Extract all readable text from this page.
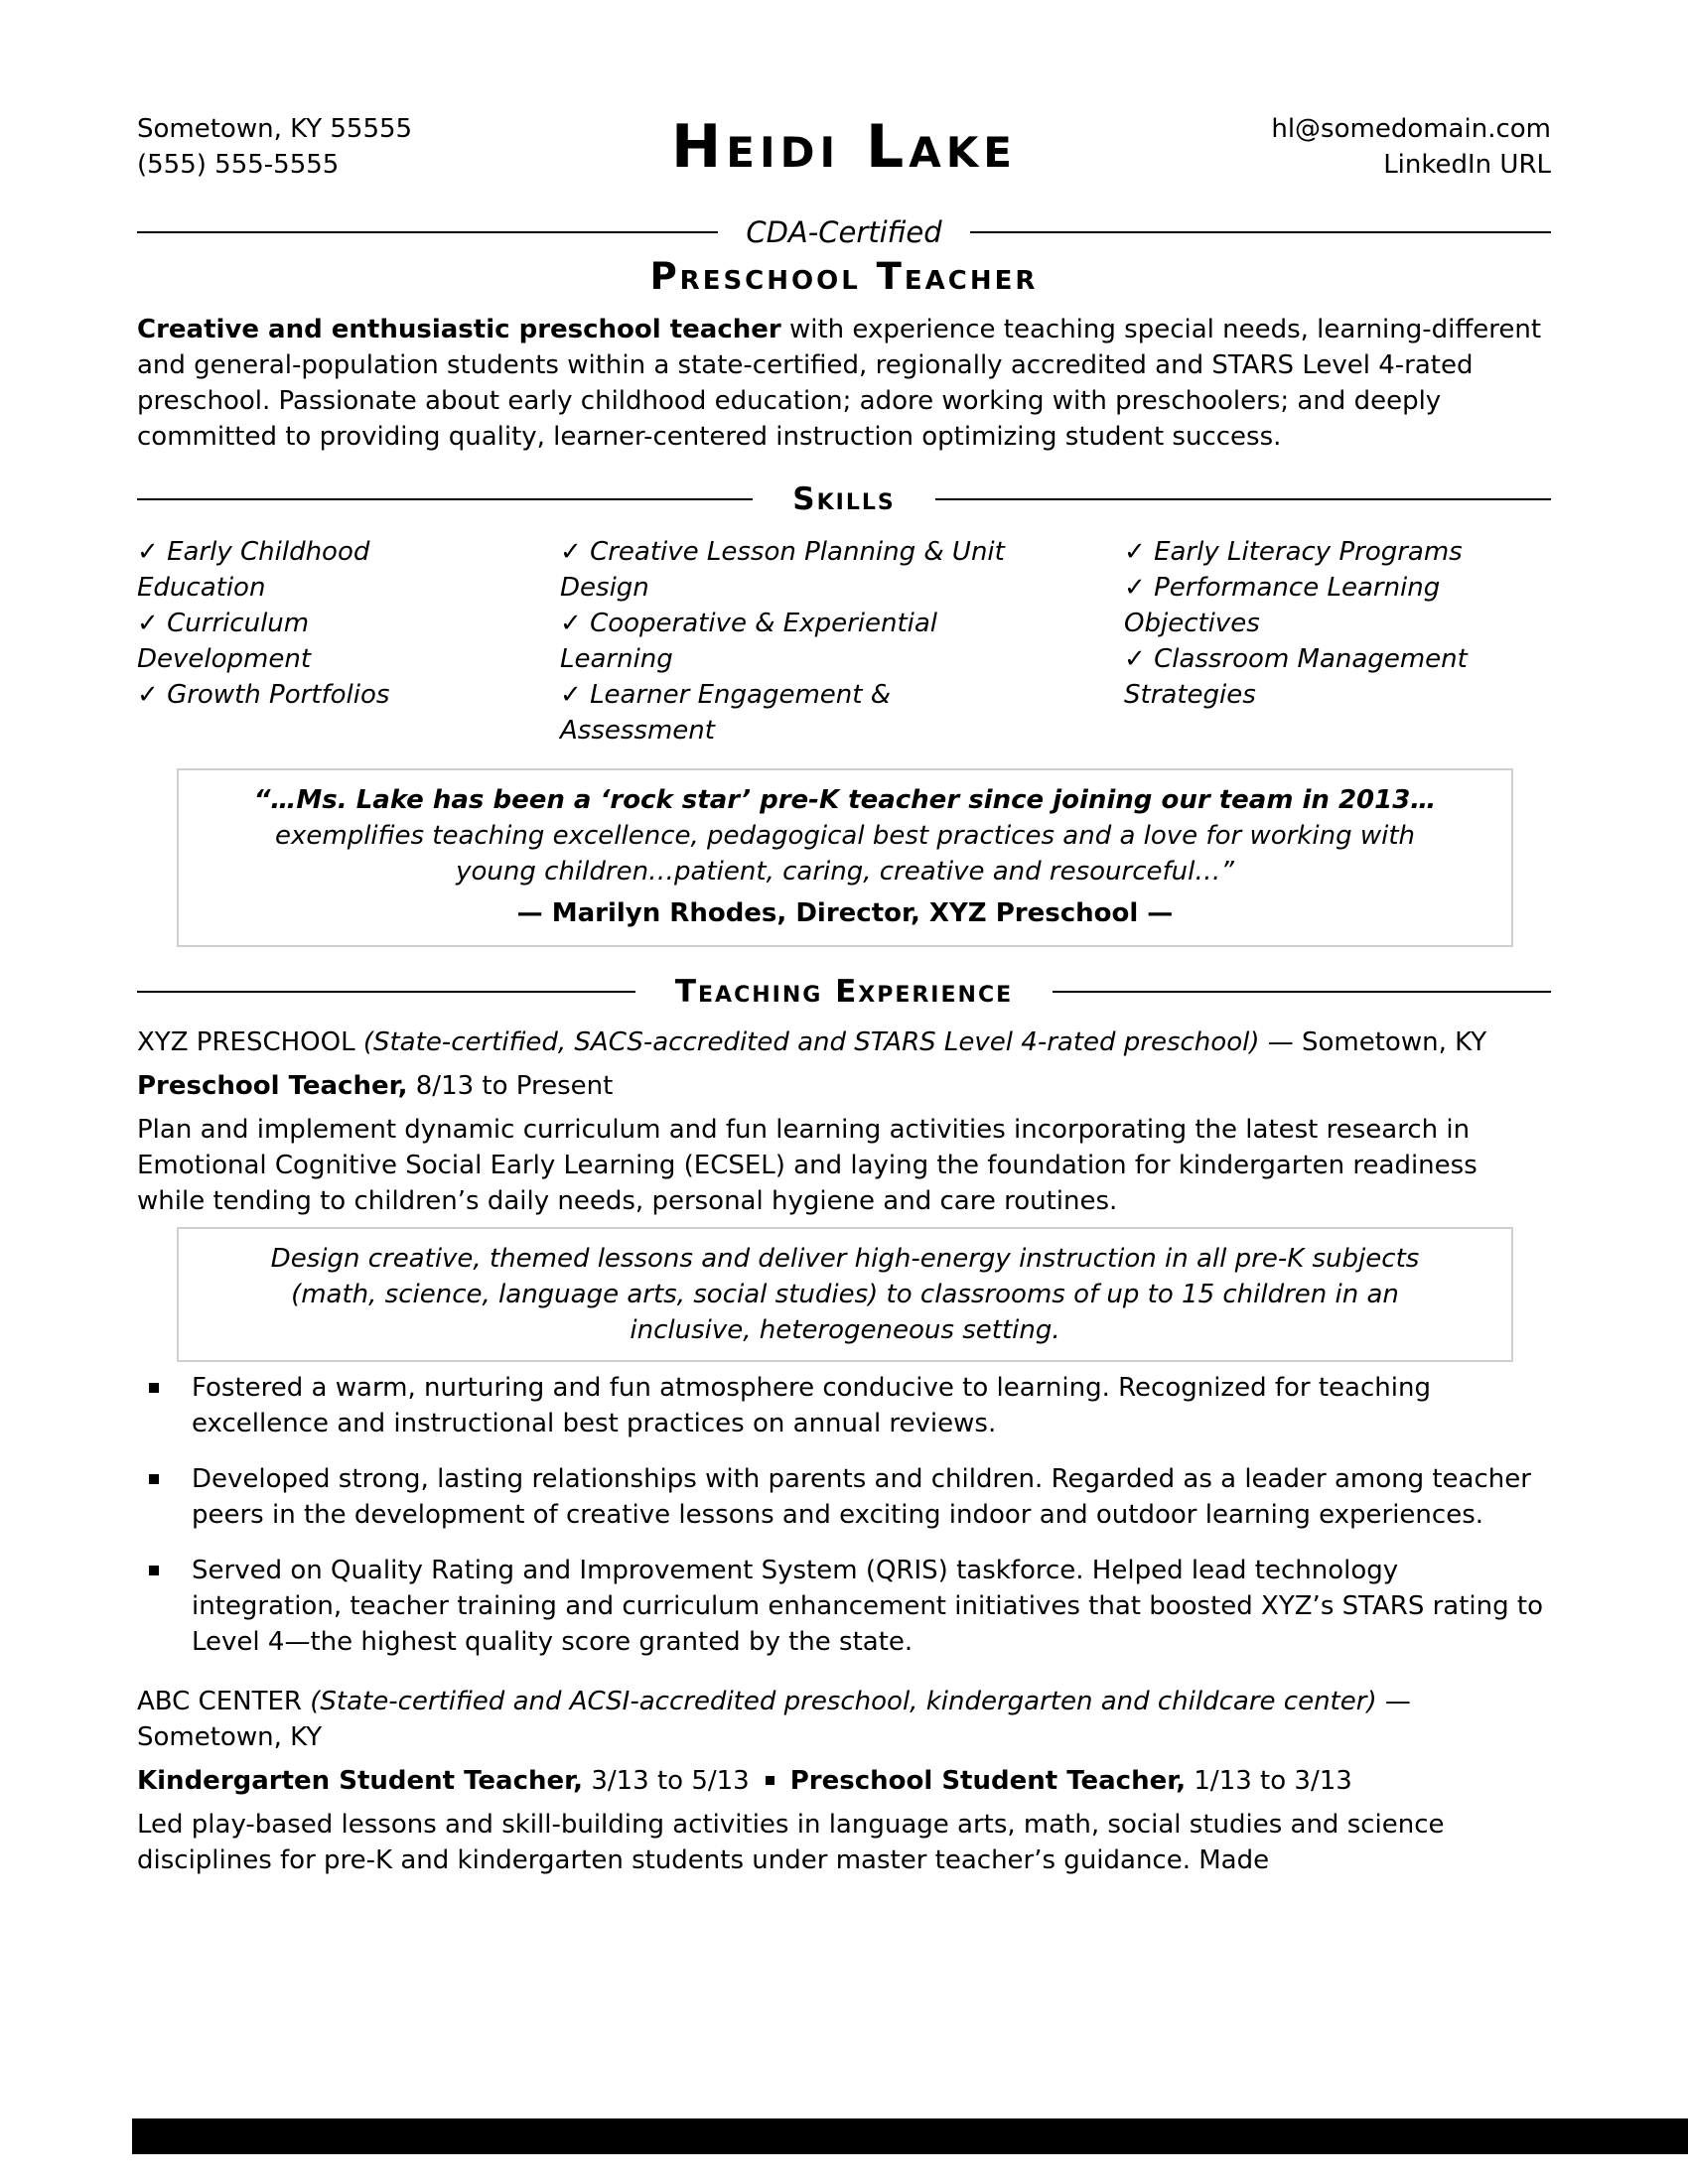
Sometown, KY 55555
(555) 555-5555	Heidi Lake	hl@somedomain.com
LinkedIn URL
CDA-Certified
Preschool Teacher

Creative and enthusiastic preschool teacher with experience teaching special needs, learning-different and general-population students within a state-certified, regionally accredited and STARS Level 4-rated preschool. Passionate about early childhood education; adore working with preschoolers; and deeply committed to providing quality, learner-centered instruction optimizing student success.

Skills
✓ Early Childhood Education
✓ Curriculum Development
✓ Growth Portfolios
✓ Creative Lesson Planning & Unit Design
✓ Cooperative & Experiential Learning
✓ Learner Engagement & Assessment
✓ Early Literacy Programs
✓ Performance Learning Objectives
✓ Classroom Management Strategies
“…Ms. Lake has been a ‘rock star’ pre-K teacher since joining our team in 2013…
exemplifies teaching excellence, pedagogical best practices and a love for working with young children…patient, caring, creative and resourceful…”
— Marilyn Rhodes, Director, XYZ Preschool —
Teaching Experience
XYZ PRESCHOOL (State-certified, SACS-accredited and STARS Level 4-rated preschool) — Sometown, KY
Preschool Teacher, 8/13 to Present

Plan and implement dynamic curriculum and fun learning activities incorporating the latest research in Emotional Cognitive Social Early Learning (ECSEL) and laying the foundation for kindergarten readiness while tending to children’s daily needs, personal hygiene and care routines.

Design creative, themed lessons and deliver high-energy instruction in all pre-K subjects (math, science, language arts, social studies) to classrooms of up to 15 children in an inclusive, heterogeneous setting.
Fostered a warm, nurturing and fun atmosphere conducive to learning. Recognized for teaching excellence and instructional best practices on annual reviews.
Developed strong, lasting relationships with parents and children. Regarded as a leader among teacher peers in the development of creative lessons and exciting indoor and outdoor learning experiences.
Served on Quality Rating and Improvement System (QRIS) taskforce. Helped lead technology integration, teacher training and curriculum enhancement initiatives that boosted XYZ’s STARS rating to Level 4—the highest quality score granted by the state.
ABC CENTER (State-certified and ACSI-accredited preschool, kindergarten and childcare center) — Sometown, KY
Kindergarten Student Teacher, 3/13 to 5/13 Preschool Student Teacher, 1/13 to 3/13

Led play-based lessons and skill-building activities in language arts, math, social studies and science disciplines for pre-K and kindergarten students under master teacher’s guidance. Made
